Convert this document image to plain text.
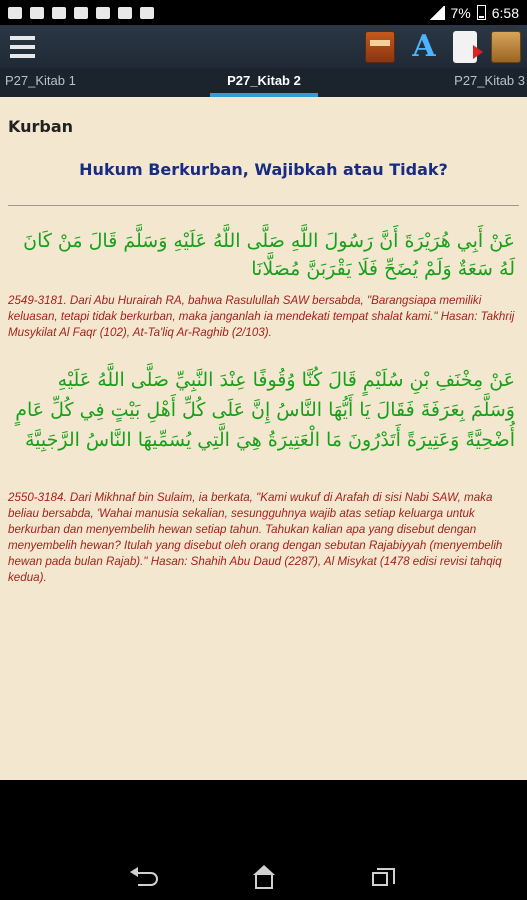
7% 6:58
A
P27_Kitab 1	P27_Kitab 2	P27_Kitab 3
Kurban
Hukum Berkurban, Wajibkah atau Tidak?
عَنْ أَبِي هُرَيْرَةَ أَنَّ رَسُولَ اللَّهِ صَلَّى اللَّهُ عَلَيْهِ وَسَلَّمَ قَالَ مَنْ كَانَ لَهُ سَعَةٌ وَلَمْ يُضَحِّ فَلَا يَقْرَبَنَّ مُصَلَّانَا
2549-3181. Dari Abu Hurairah RA, bahwa Rasulullah SAW bersabda, "Barangsiapa memiliki keluasan, tetapi tidak berkurban, maka janganlah ia mendekati tempat shalat kami." Hasan: Takhrij Musykilat Al Faqr (102), At-Ta'liq Ar-Raghib (2/103).
عَنْ مِخْنَفِ بْنِ سُلَيْمٍ قَالَ كُنَّا وُقُوفًا عِنْدَ النَّبِيِّ صَلَّى اللَّهُ عَلَيْهِ وَسَلَّمَ بِعَرَفَةَ فَقَالَ يَا أَيُّهَا النَّاسُ إِنَّ عَلَى كُلِّ أَهْلِ بَيْتٍ فِي كُلِّ عَامٍ أُضْحِيَّةً وَعَتِيرَةً أَتَدْرُونَ مَا الْعَتِيرَةُ هِيَ الَّتِي يُسَمِّيهَا النَّاسُ الرَّجَبِيَّةَ
2550-3184. Dari Mikhnaf bin Sulaim, ia berkata, "Kami wukuf di Arafah di sisi Nabi SAW, maka beliau bersabda, 'Wahai manusia sekalian, sesungguhnya wajib atas setiap keluarga untuk berkurban dan menyembelih hewan setiap tahun. Tahukan kalian apa yang disebut dengan menyembelih hewan? Itulah yang disebut oleh orang dengan sebutan Rajabiyyah (menyembelih hewan pada bulan Rajab)." Hasan: Shahih Abu Daud (2287), Al Misykat (1478 edisi revisi tahqiq kedua).
